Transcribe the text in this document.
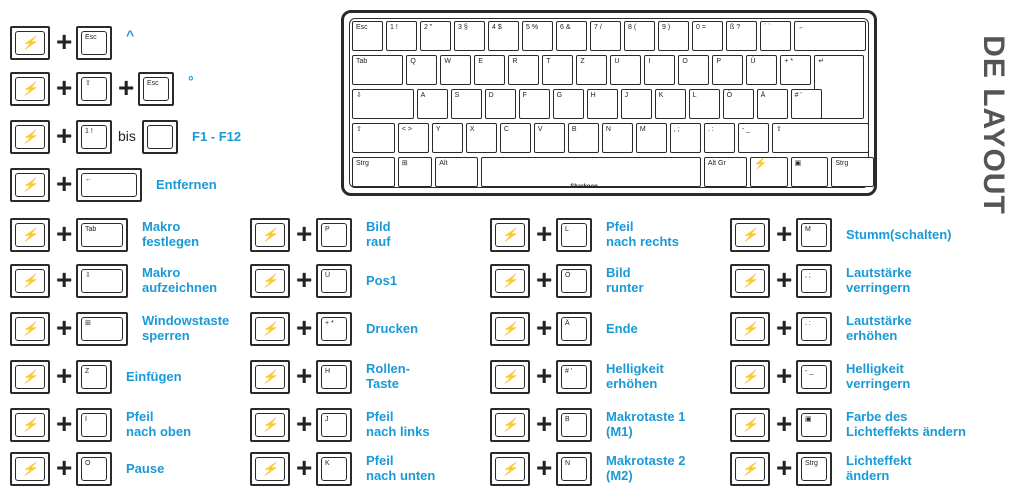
DE LAYOUT
Esc	1 !	2 "	3 §	4 $	5 %	6 &	7 /	8 (	9 )	0 =	ß ?	´ `	←
Tab	Q	W	E	R	T	Z	U	I	O	P	Ü	+ *	↵
⇩	A	S	D	F	G	H	J	K	L	Ö	Ä	# '
⇧	< >	Y	X	C	V	B	N	M	, ;	. :	- _	⇧
Strg	⊞	Alt	Alt Gr	⚡	▣	Strg
Sharkoon
⚡ +	Esc	^
⚡ +	⇧ +	Esc	°
⚡ +	1 !	bis	F1 - F12
⚡ +	←	Entfernen
⚡ +	Tab	Makro
festlegen
⚡ +	⇩	Makro
aufzeichnen
⚡ +	⊞	Windowstaste
sperren
⚡ +	Z	Einfügen
⚡ +	I	Pfeil
nach oben
⚡ +	O	Pause
⚡ +	P	Bild
rauf
⚡ +	Ü	Pos1
⚡ +	+ *	Drucken
⚡ +	H	Rollen-
Taste
⚡ +	J	Pfeil
nach links
⚡ +	K	Pfeil
nach unten
⚡ +	L	Pfeil
nach rechts
⚡ +	Ö	Bild
runter
⚡ +	Ä	Ende
⚡ +	# '	Helligkeit
erhöhen
⚡ +	B	Makrotaste 1
(M1)
⚡ +	N	Makrotaste 2
(M2)
⚡ +	M	Stumm(schalten)
⚡ +	, ;	Lautstärke
verringern
⚡ +	. :	Lautstärke
erhöhen
⚡ +	- _	Helligkeit
verringern
⚡ +	▣	Farbe des
Lichteffekts ändern
⚡ +	Strg	Lichteffekt
ändern
